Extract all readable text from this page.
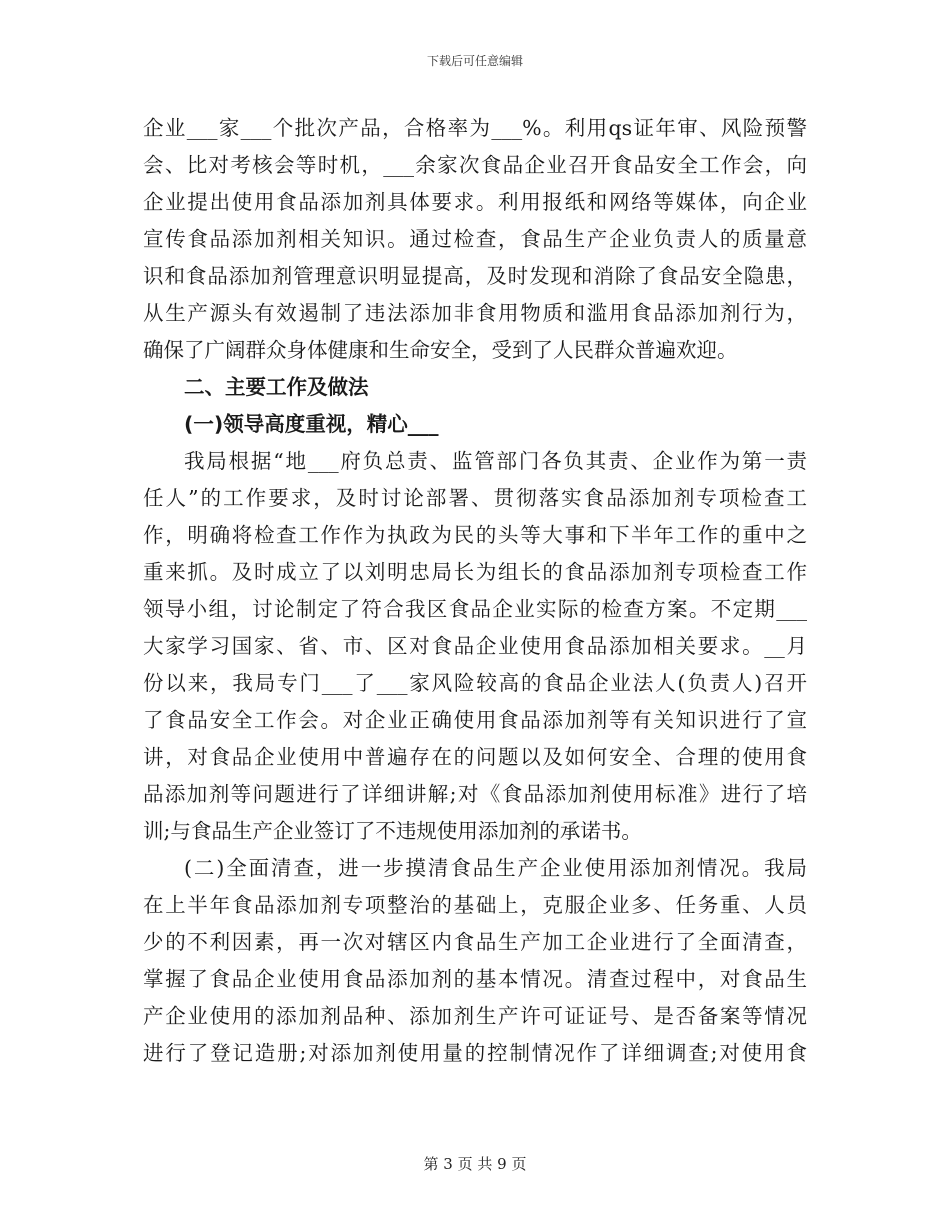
下载后可任意编辑
企业___家___个批次产品，合格率为___%。利用qs证年审、风险预警
会、比对考核会等时机，___余家次食品企业召开食品安全工作会，向
企业提出使用食品添加剂具体要求。利用报纸和网络等媒体，向企业
宣传食品添加剂相关知识。通过检查，食品生产企业负责人的质量意
识和食品添加剂管理意识明显提高，及时发现和消除了食品安全隐患，
从生产源头有效遏制了违法添加非食用物质和滥用食品添加剂行为，
确保了广阔群众身体健康和生命安全，受到了人民群众普遍欢迎。
二、主要工作及做法
(一)领导高度重视，精心___
我局根据“地___府负总责、监管部门各负其责、企业作为第一责
任人”的工作要求，及时讨论部署、贯彻落实食品添加剂专项检查工
作，明确将检查工作作为执政为民的头等大事和下半年工作的重中之
重来抓。及时成立了以刘明忠局长为组长的食品添加剂专项检查工作
领导小组，讨论制定了符合我区食品企业实际的检查方案。不定期___
大家学习国家、省、市、区对食品企业使用食品添加相关要求。__月
份以来，我局专门___了___家风险较高的食品企业法人(负责人)召开
了食品安全工作会。对企业正确使用食品添加剂等有关知识进行了宣
讲，对食品企业使用中普遍存在的问题以及如何安全、合理的使用食
品添加剂等问题进行了详细讲解;对《食品添加剂使用标准》进行了培
训;与食品生产企业签订了不违规使用添加剂的承诺书。
(二)全面清查，进一步摸清食品生产企业使用添加剂情况。我局
在上半年食品添加剂专项整治的基础上，克服企业多、任务重、人员
少的不利因素，再一次对辖区内食品生产加工企业进行了全面清查，
掌握了食品企业使用食品添加剂的基本情况。清查过程中，对食品生
产企业使用的添加剂品种、添加剂生产许可证证号、是否备案等情况
进行了登记造册;对添加剂使用量的控制情况作了详细调查;对使用食
第 3 页 共 9 页
